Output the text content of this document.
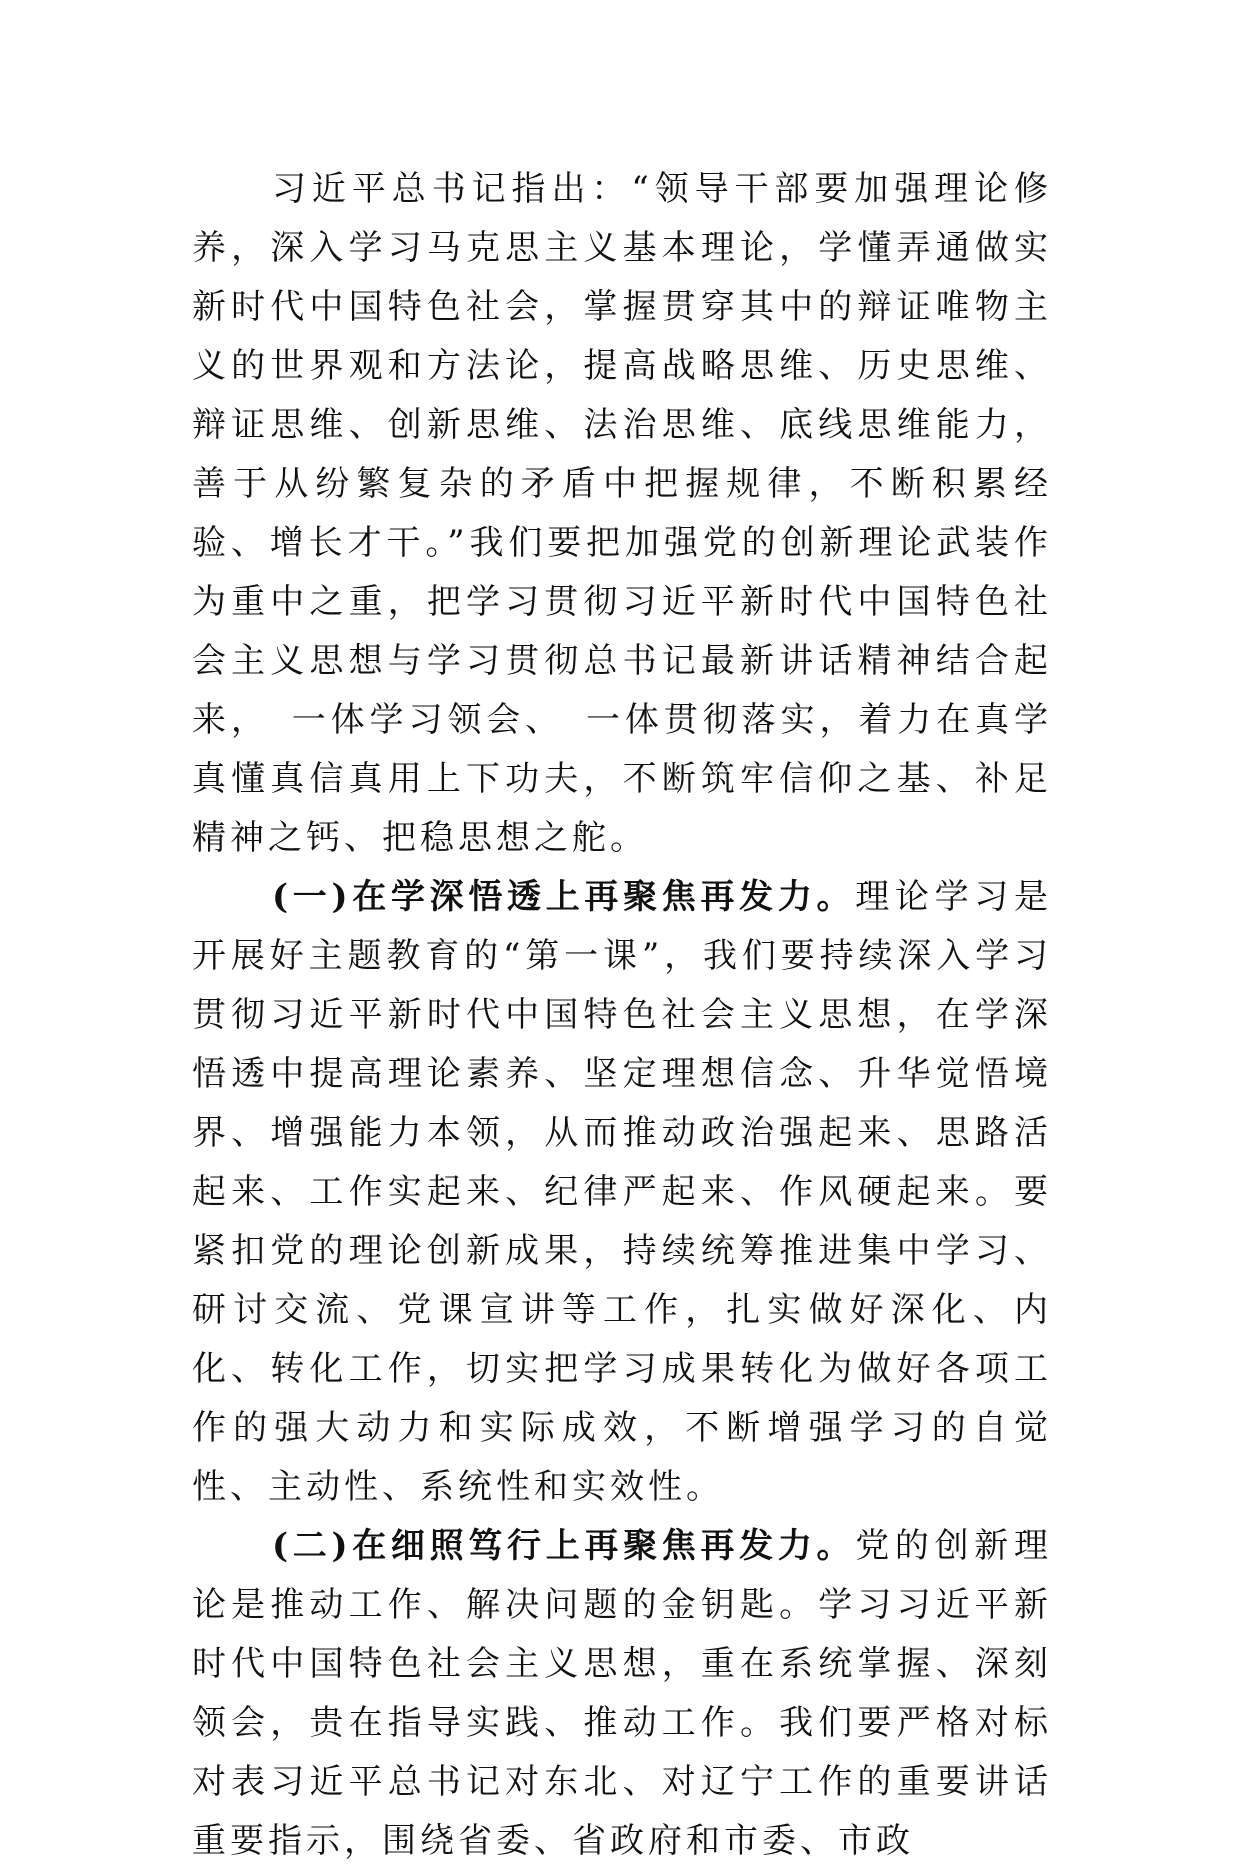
习近平总书记指出：“领导干部要加强理论修养，深入学习马克思主义基本理论，学懂弄通做实新时代中国特色社会，掌握贯穿其中的辩证唯物主义的世界观和方法论，提高战略思维、历史思维、辩证思维、创新思维、法治思维、底线思维能力，善于从纷繁复杂的矛盾中把握规律，不断积累经验、增长才干。”我们要把加强党的创新理论武装作为重中之重，把学习贯彻习近平新时代中国特色社会主义思想与学习贯彻总书记最新讲话精神结合起来，　一体学习领会、　一体贯彻落实，着力在真学真懂真信真用上下功夫，不断筑牢信仰之基、补足精神之钙、把稳思想之舵。

(一)在学深悟透上再聚焦再发力。理论学习是开展好主题教育的“第一课”，我们要持续深入学习贯彻习近平新时代中国特色社会主义思想，在学深悟透中提高理论素养、坚定理想信念、升华觉悟境界、增强能力本领，从而推动政治强起来、思路活起来、工作实起来、纪律严起来、作风硬起来。要紧扣党的理论创新成果，持续统筹推进集中学习、研讨交流、党课宣讲等工作，扎实做好深化、内化、转化工作，切实把学习成果转化为做好各项工作的强大动力和实际成效，不断增强学习的自觉性、主动性、系统性和实效性。

(二)在细照笃行上再聚焦再发力。党的创新理论是推动工作、解决问题的金钥匙。学习习近平新时代中国特色社会主义思想，重在系统掌握、深刻领会，贵在指导实践、推动工作。我们要严格对标对表习近平总书记对东北、对辽宁工作的重要讲话重要指示，围绕省委、省政府和市委、市政
